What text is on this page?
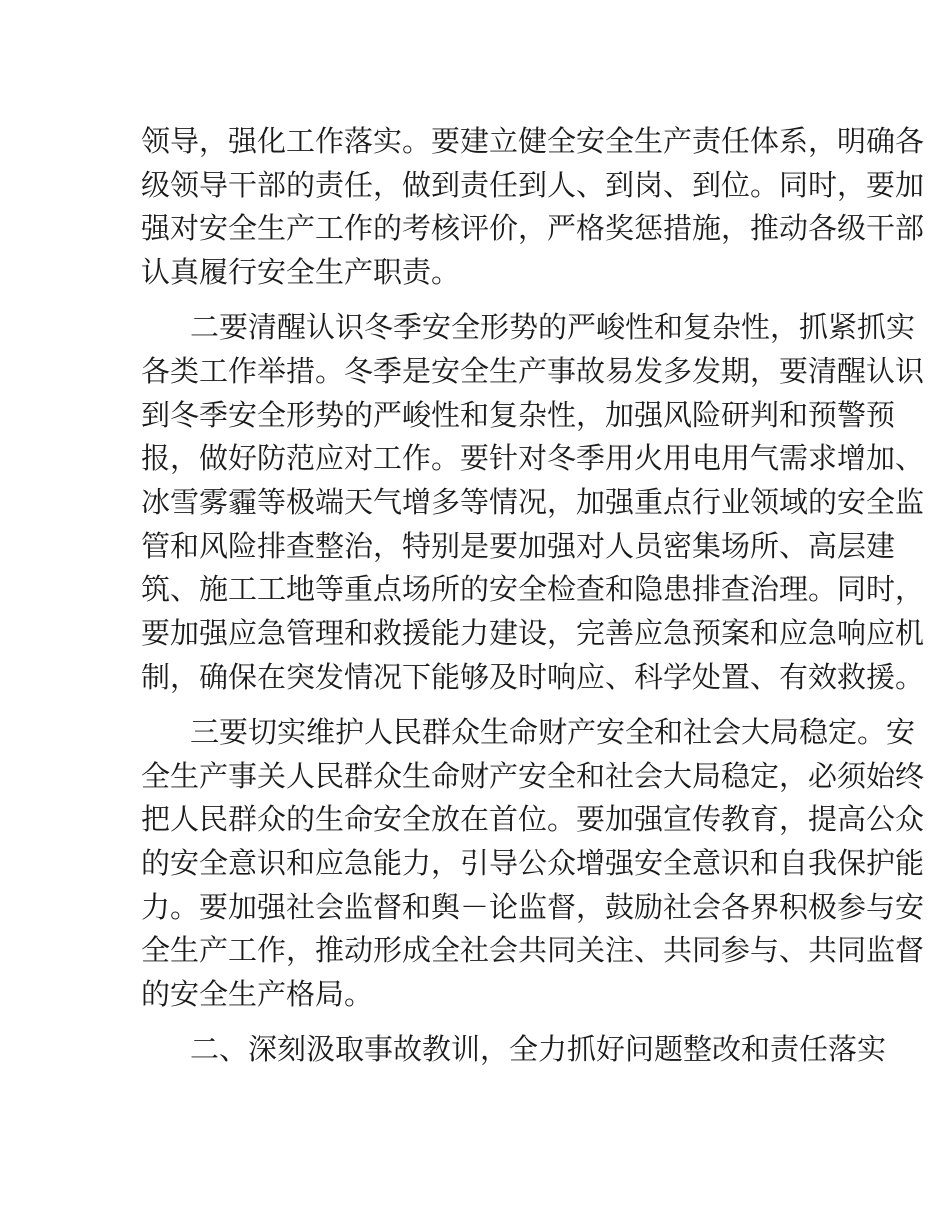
领导，强化工作落实。要建立健全安全生产责任体系，明确各
级领导干部的责任，做到责任到人、到岗、到位。同时，要加
强对安全生产工作的考核评价，严格奖惩措施，推动各级干部
认真履行安全生产职责。
二要清醒认识冬季安全形势的严峻性和复杂性，抓紧抓实
各类工作举措。冬季是安全生产事故易发多发期，要清醒认识
到冬季安全形势的严峻性和复杂性，加强风险研判和预警预
报，做好防范应对工作。要针对冬季用火用电用气需求增加、
冰雪雾霾等极端天气增多等情况，加强重点行业领域的安全监
管和风险排查整治，特别是要加强对人员密集场所、高层建
筑、施工工地等重点场所的安全检查和隐患排查治理。同时，
要加强应急管理和救援能力建设，完善应急预案和应急响应机
制，确保在突发情况下能够及时响应、科学处置、有效救援。
三要切实维护人民群众生命财产安全和社会大局稳定。安
全生产事关人民群众生命财产安全和社会大局稳定，必须始终
把人民群众的生命安全放在首位。要加强宣传教育，提高公众
的安全意识和应急能力，引导公众增强安全意识和自我保护能
力。要加强社会监督和舆－论监督，鼓励社会各界积极参与安
全生产工作，推动形成全社会共同关注、共同参与、共同监督
的安全生产格局。
二、深刻汲取事故教训，全力抓好问题整改和责任落实
